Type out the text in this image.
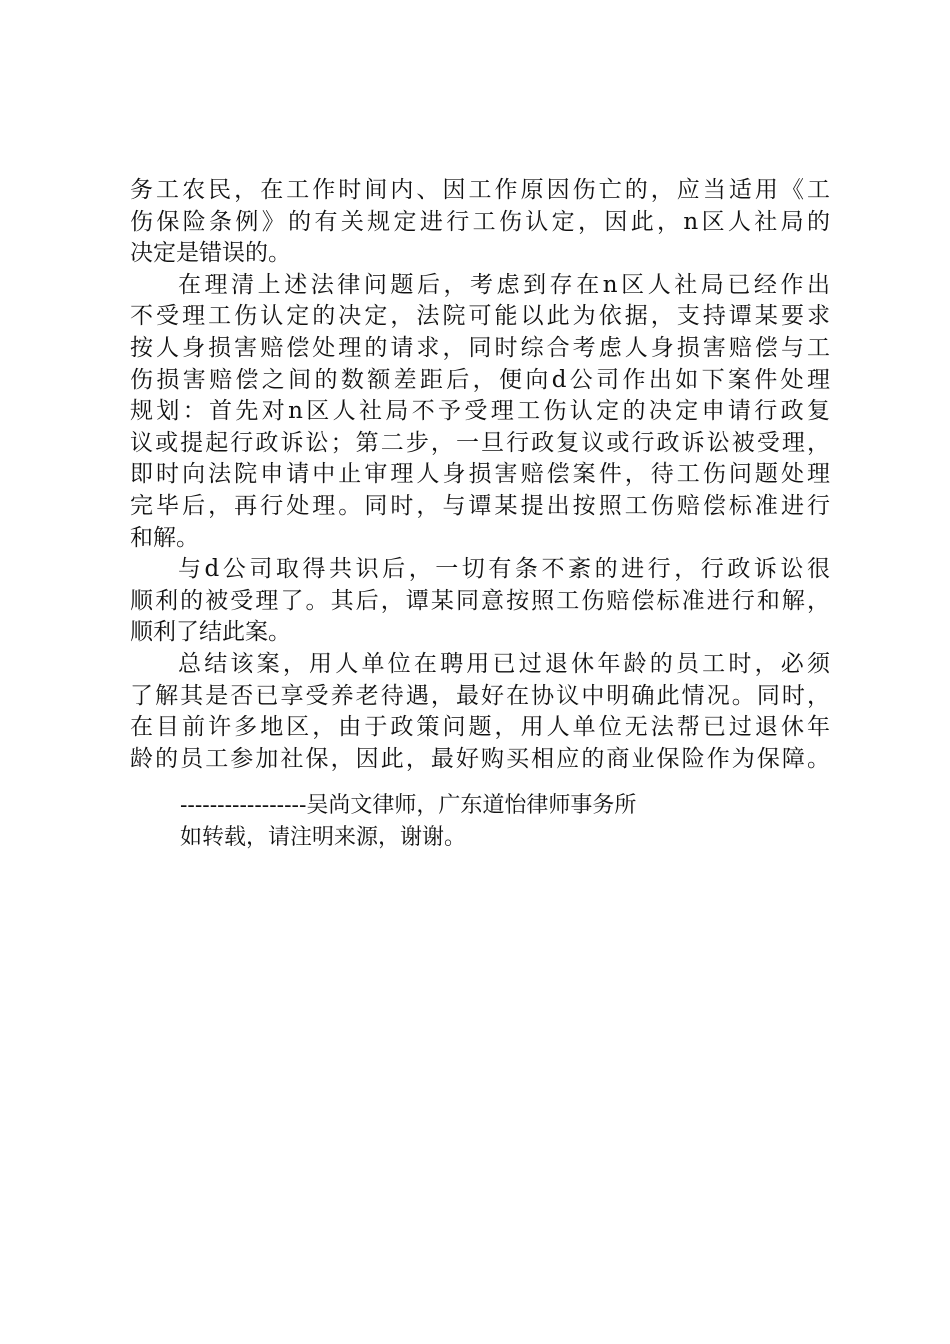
务工农民，在工作时间内、因工作原因伤亡的，应当适用《工
伤保险条例》的有关规定进行工伤认定，因此，n区人社局的
决定是错误的。
在理清上述法律问题后，考虑到存在n区人社局已经作出
不受理工伤认定的决定，法院可能以此为依据，支持谭某要求
按人身损害赔偿处理的请求，同时综合考虑人身损害赔偿与工
伤损害赔偿之间的数额差距后，便向d公司作出如下案件处理
规划：首先对n区人社局不予受理工伤认定的决定申请行政复
议或提起行政诉讼；第二步，一旦行政复议或行政诉讼被受理，
即时向法院申请中止审理人身损害赔偿案件，待工伤问题处理
完毕后，再行处理。同时，与谭某提出按照工伤赔偿标准进行
和解。
与d公司取得共识后，一切有条不紊的进行，行政诉讼很
顺利的被受理了。其后，谭某同意按照工伤赔偿标准进行和解，
顺利了结此案。
总结该案，用人单位在聘用已过退休年龄的员工时，必须
了解其是否已享受养老待遇，最好在协议中明确此情况。同时，
在目前许多地区，由于政策问题，用人单位无法帮已过退休年
龄的员工参加社保，因此，最好购买相应的商业保险作为保障。
-----------------吴尚文律师，广东道怡律师事务所
如转载，请注明来源，谢谢。
